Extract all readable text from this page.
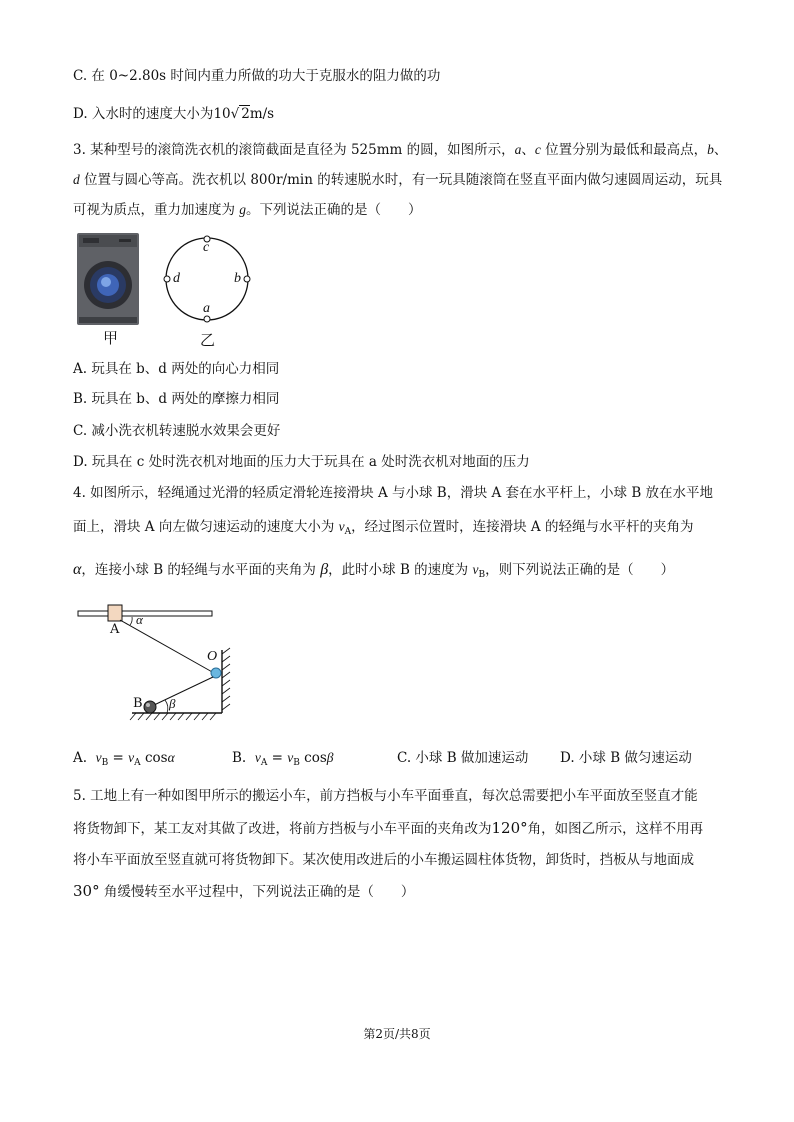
C. 在 0~2.80s 时间内重力所做的功大于克服水的阻力做的功
D. 入水时的速度大小为10√ 2m/s
3. 某种型号的滚筒洗衣机的滚筒截面是直径为 525mm 的圆，如图所示，a、c 位置分别为最低和最高点，b、
d 位置与圆心等高。洗衣机以 800r/min 的转速脱水时，有一玩具随滚筒在竖直平面内做匀速圆周运动，玩具
可视为质点，重力加速度为 g。下列说法正确的是（　　）
c
a
d	b
甲	乙
A. 玩具在 b、d 两处的向心力相同
B. 玩具在 b、d 两处的摩擦力相同
C. 减小洗衣机转速脱水效果会更好
D. 玩具在 c 处时洗衣机对地面的压力大于玩具在 a 处时洗衣机对地面的压力
4. 如图所示，轻绳通过光滑的轻质定滑轮连接滑块 A 与小球 B，滑块 A 套在水平杆上，小球 B 放在水平地
面上，滑块 A 向左做匀速运动的速度大小为 $v_A$，经过图示位置时，连接滑块 A 的轻绳与水平杆的夹角为
α，连接小球 B 的轻绳与水平面的夹角为 β，此时小球 B 的速度为 $v_B$，则下列说法正确的是（　　）
A
α
O
B β
A. $v_B = v_A$ cosα	B. $v_A = v_B$ cosβ	C. 小球 B 做加速运动 D. 小球 B 做匀速运动
5. 工地上有一种如图甲所示的搬运小车，前方挡板与小车平面垂直，每次总需要把小车平面放至竖直才能
将货物卸下，某工友对其做了改进，将前方挡板与小车平面的夹角改为120°角，如图乙所示，这样不用再
将小车平面放至竖直就可将货物卸下。某次使用改进后的小车搬运圆柱体货物，卸货时，挡板从与地面成
30° 角缓慢转至水平过程中，下列说法正确的是（　　）
第2页/共8页
